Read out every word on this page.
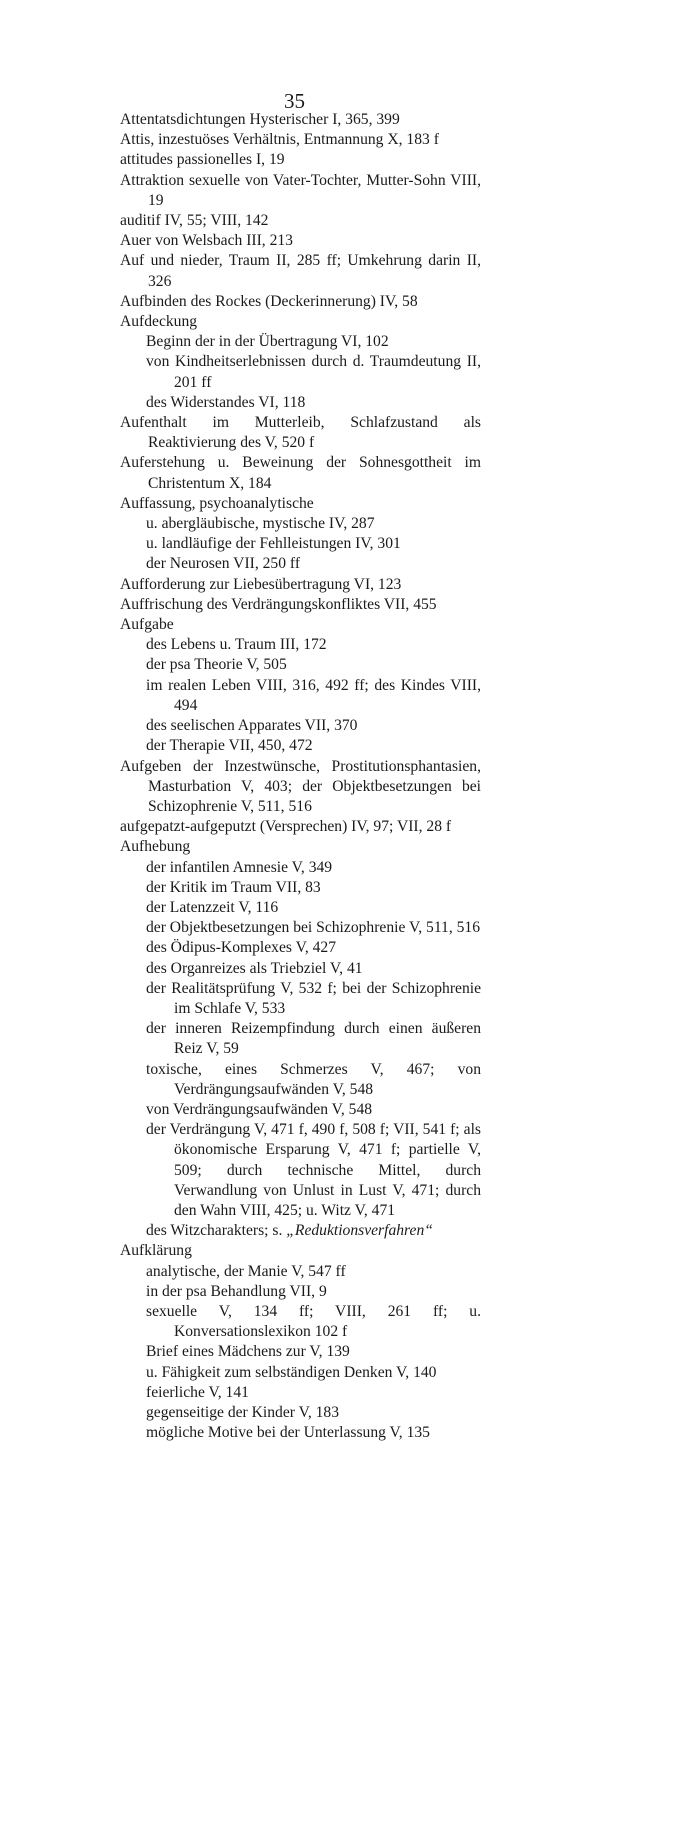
35
Attentatsdichtungen Hysterischer I, 365, 399
Attis, inzestuöses Verhältnis, Entmannung X, 183 f
attitudes passionelles I, 19
Attraktion sexuelle von Vater-Tochter, Mutter-Sohn VIII, 19
auditif IV, 55; VIII, 142
Auer von Welsbach III, 213
Auf und nieder, Traum II, 285 ff; Umkehrung darin II, 326
Aufbinden des Rockes (Deckerinnerung) IV, 58
Aufdeckung
Beginn der in der Übertragung VI, 102
von Kindheitserlebnissen durch d. Traumdeutung II, 201 ff
des Widerstandes VI, 118
Aufenthalt im Mutterleib, Schlafzustand als Reaktivierung des V, 520 f
Auferstehung u. Beweinung der Sohnesgottheit im Christentum X, 184
Auffassung, psychoanalytische
u. abergläubische, mystische IV, 287
u. landläufige der Fehlleistungen IV, 301
der Neurosen VII, 250 ff
Aufforderung zur Liebesübertragung VI, 123
Auffrischung des Verdrängungskonfliktes VII, 455
Aufgabe
des Lebens u. Traum III, 172
der psa Theorie V, 505
im realen Leben VIII, 316, 492 ff; des Kindes VIII, 494
des seelischen Apparates VII, 370
der Therapie VII, 450, 472
Aufgeben der Inzestwünsche, Prostitutionsphantasien, Masturbation V, 403; der Objektbesetzungen bei Schizophrenie V, 511, 516
aufgepatzt-aufgeputzt (Versprechen) IV, 97; VII, 28 f
Aufhebung
der infantilen Amnesie V, 349
der Kritik im Traum VII, 83
der Latenzzeit V, 116
der Objektbesetzungen bei Schizophrenie V, 511, 516
des Ödipus-Komplexes V, 427
des Organreizes als Triebziel V, 41
der Realitätsprüfung V, 532 f; bei der Schizophrenie im Schlafe V, 533
der inneren Reizempfindung durch einen äußeren Reiz V, 59
toxische, eines Schmerzes V, 467; von Verdrängungsaufwänden V, 548
von Verdrängungsaufwänden V, 548
der Verdrängung V, 471 f, 490 f, 508 f; VII, 541 f; als ökonomische Ersparung V, 471 f; partielle V, 509; durch technische Mittel, durch Verwandlung von Unlust in Lust V, 471; durch den Wahn VIII, 425; u. Witz V, 471
des Witzcharakters; s. „Reduktionsverfahren“
Aufklärung
analytische, der Manie V, 547 ff
in der psa Behandlung VII, 9
sexuelle V, 134 ff; VIII, 261 ff; u. Konversationslexikon 102 f
Brief eines Mädchens zur V, 139
u. Fähigkeit zum selbständigen Denken V, 140
feierliche V, 141
gegenseitige der Kinder V, 183
mögliche Motive bei der Unterlassung V, 135
